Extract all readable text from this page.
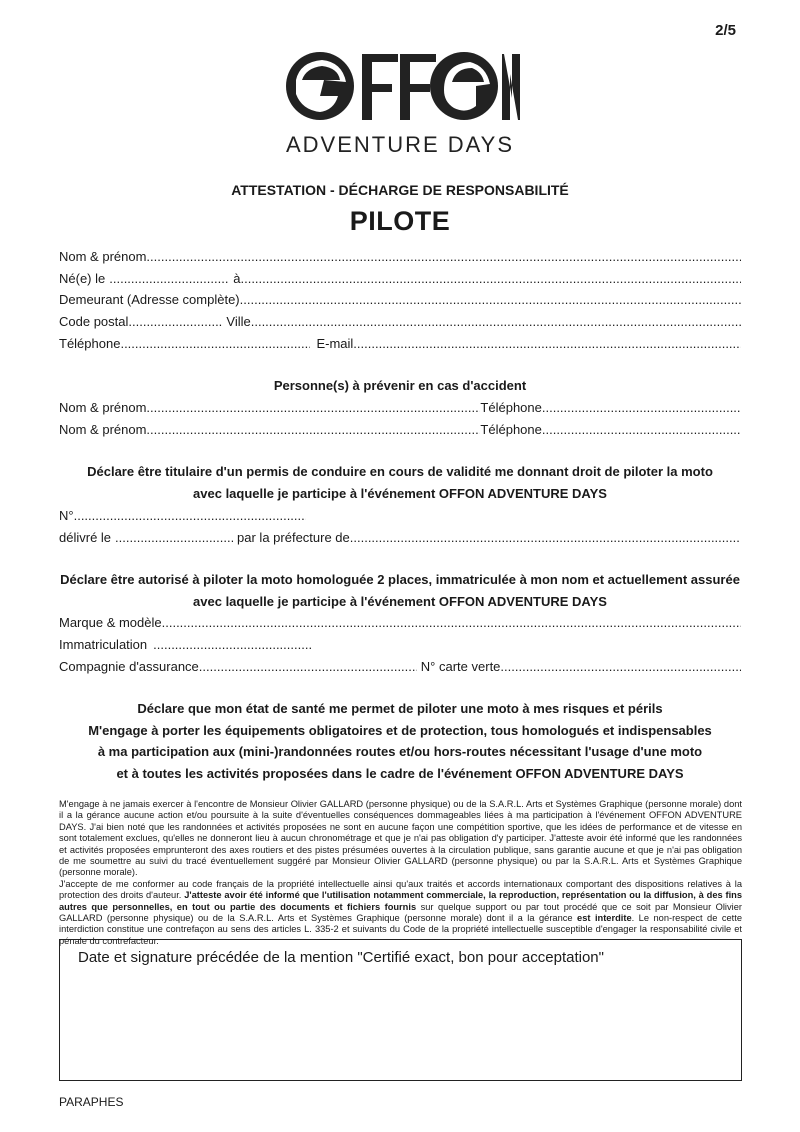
2/5
ADVENTURE DAYS
ATTESTATION - DÉCHARGE DE RESPONSABILITÉ
PILOTE
Nom & prénom
.....
Né(e) le .....	à
.....
Demeurant (Adresse complète)
.....
Code postal .....	Ville
.....
Téléphone .....	E-mail
.....
Personne(s) à prévenir en cas d'accident
Nom & prénom .....	Téléphone
.....
Nom & prénom .....	Téléphone
.....
Déclare être titulaire d'un permis de conduire en cours de validité me donnant droit de piloter la moto
avec laquelle je participe à l'événement OFFON ADVENTURE DAYS
N°
.....
délivré le .....	par la préfecture de
.....
Déclare être autorisé à piloter la moto homologuée 2 places, immatriculée à mon nom et actuellement assurée
avec laquelle je participe à l'événement OFFON ADVENTURE DAYS
Marque & modèle
.....
Immatriculation
.....
Compagnie d'assurance .....	N° carte verte
.....
Déclare que mon état de santé me permet de piloter une moto à mes risques et périls
M'engage à porter les équipements obligatoires et de protection, tous homologués et indispensables
à ma participation aux (mini-)randonnées routes et/ou hors-routes nécessitant l'usage d'une moto
et à toutes les activités proposées dans le cadre de l'événement OFFON ADVENTURE DAYS

M'engage à ne jamais exercer à l'encontre de Monsieur Olivier GALLARD (personne physique) ou de la S.A.R.L. Arts et Systèmes Graphique (personne morale) dont il a la gérance aucune action et/ou poursuite à la suite d'éventuelles conséquences dommageables liées à ma participation à l'événement OFFON ADVENTURE DAYS. J'ai bien noté que les randonnées et activités proposées ne sont en aucune façon une compétition sportive, que les idées de performance et de vitesse en sont totalement exclues, qu'elles ne donneront lieu à aucun chronométrage et que je n'ai pas obligation d'y participer. J'atteste avoir été informé que les randonnées et activités proposées emprunteront des axes routiers et des pistes présumées ouvertes à la circulation publique, sans garantie aucune et que je n'ai pas obligation de me soumettre au suivi du tracé éventuellement suggéré par Monsieur Olivier GALLARD (personne physique) ou par la S.A.R.L. Arts et Systèmes Graphique (personne morale).

J'accepte de me conformer au code français de la propriété intellectuelle ainsi qu'aux traités et accords internationaux comportant des dispositions relatives à la protection des droits d'auteur. J'atteste avoir été informé que l'utilisation notamment commerciale, la reproduction, représentation ou la diffusion, à des fins autres que personnelles, en tout ou partie des documents et fichiers fournis sur quelque support ou par tout procédé que ce soit par Monsieur Olivier GALLARD (personne physique) ou de la S.A.R.L. Arts et Systèmes Graphique (personne morale) dont il a la gérance est interdite. Le non-respect de cette interdiction constitue une contrefaçon au sens des articles L. 335-2 et suivants du Code de la propriété intellectuelle susceptible d'engager la responsabilité civile et pénale du contrefacteur.

Date et signature précédée de la mention "Certifié exact, bon pour acceptation"
PARAPHES
